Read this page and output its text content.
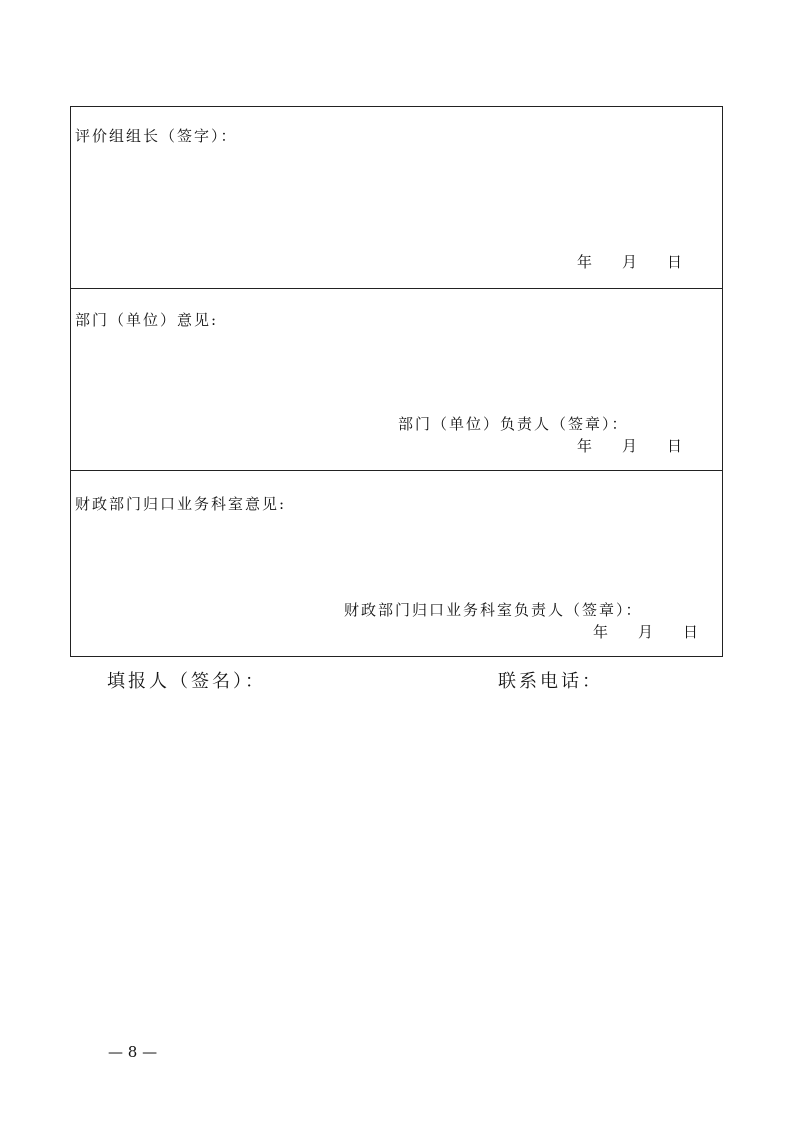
评价组组长（签字）：
年 月 日
部门（单位）意见:
部门（单位）负责人（签章）：
年 月 日
财政部门归口业务科室意见:
财政部门归口业务科室负责人（签章）：
年 月 日
填报人（签名）：	联系电话：
— 8 —
